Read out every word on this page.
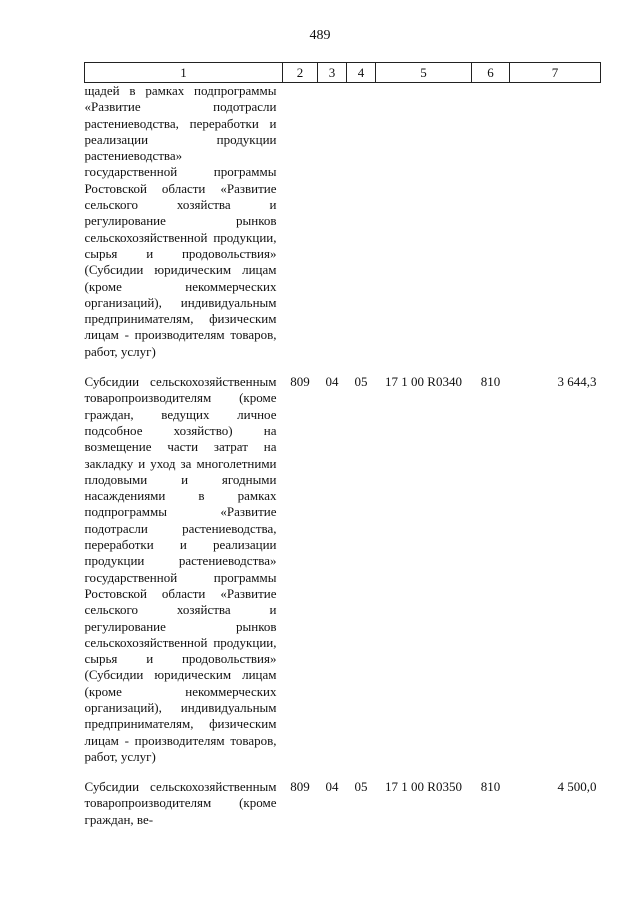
489
1	2	3	4	5	6	7
щадей в рамках подпрограммы «Развитие подотрасли растениеводства, переработки и реализации продукции растениеводства» государственной программы Ростовской области «Развитие сельского хозяйства и регулирование рынков сельскохозяйственной продукции, сырья и продовольствия» (Субсидии юридическим лицам (кроме некоммерческих организаций), индивидуальным предпринимателям, физическим лицам - производителям товаров, работ, услуг)						
Субсидии сельскохозяйственным товаропроизводителям (кроме граждан, ведущих личное подсобное хозяйство) на возмещение части затрат на закладку и уход за многолетними плодовыми и ягодными насаждениями в рамках подпрограммы «Развитие подотрасли растениеводства, переработки и реализации продукции растениеводства» государственной программы Ростовской области «Развитие сельского хозяйства и регулирование рынков сельскохозяйственной продукции, сырья и продовольствия» (Субсидии юридическим лицам (кроме некоммерческих организаций), индивидуальным предпринимателям, физическим лицам - производителям товаров, работ, услуг)	809	04	05	17 1 00 R0340	810	3 644,3
Субсидии сельскохозяйственным товаропроизводителям (кроме граждан, ве-	809	04	05	17 1 00 R0350	810	4 500,0
